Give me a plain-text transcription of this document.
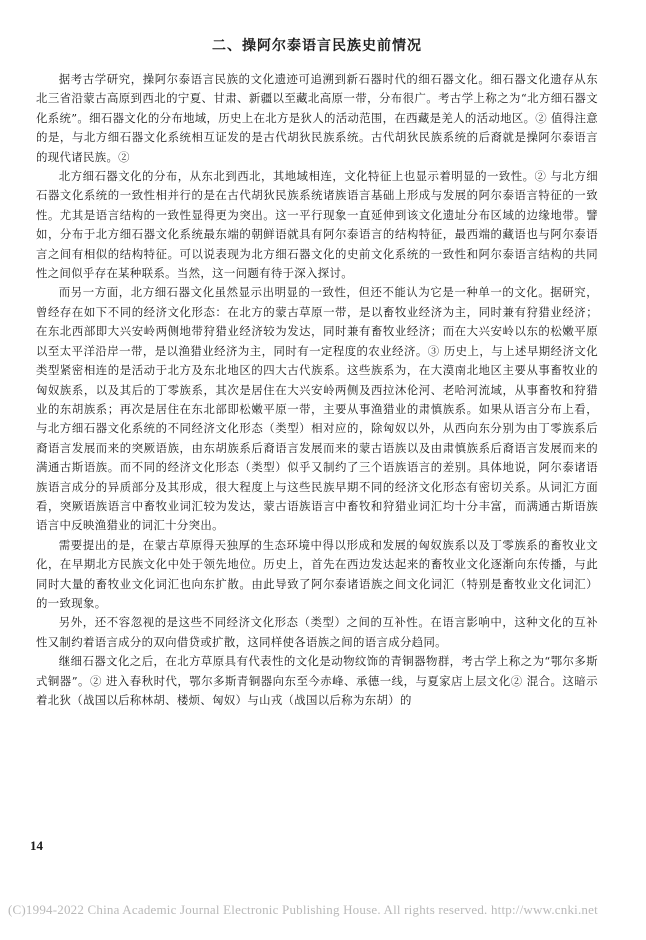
二、操阿尔泰语言民族史前情况

据考古学研究，操阿尔泰语言民族的文化遗迹可追溯到新石器时代的细石器文化。细石器文化遗存从东北三省沿蒙古高原到西北的宁夏、甘肃、新疆以至藏北高原一带，分布很广。考古学上称之为“北方细石器文化系统”。细石器文化的分布地域，历史上在北方是狄人的活动范围，在西藏是羌人的活动地区。② 值得注意的是，与北方细石器文化系统相互证发的是古代胡狄民族系统。古代胡狄民族系统的后裔就是操阿尔泰语言的现代诸民族。②

北方细石器文化的分布，从东北到西北，其地域相连，文化特征上也显示着明显的一致性。② 与北方细石器文化系统的一致性相并行的是在古代胡狄民族系统诸族语言基础上形成与发展的阿尔泰语言特征的一致性。尤其是语言结构的一致性显得更为突出。这一平行现象一直延伸到该文化遗址分布区域的边缘地带。譬如，分布于北方细石器文化系统最东端的朝鲜语就具有阿尔泰语言的结构特征，最西端的藏语也与阿尔泰语言之间有相似的结构特征。可以说表现为北方细石器文化的史前文化系统的一致性和阿尔泰语言结构的共同性之间似乎存在某种联系。当然，这一问题有待于深入探讨。

而另一方面，北方细石器文化虽然显示出明显的一致性，但还不能认为它是一种单一的文化。据研究，曾经存在如下不同的经济文化形态：在北方的蒙古草原一带，是以畜牧业经济为主，同时兼有狩猎业经济；在东北西部即大兴安岭两侧地带狩猎业经济较为发达，同时兼有畜牧业经济；而在大兴安岭以东的松嫩平原以至太平洋沿岸一带，是以渔猎业经济为主，同时有一定程度的农业经济。③ 历史上，与上述早期经济文化类型紧密相连的是活动于北方及东北地区的四大古代族系。这些族系为，在大漠南北地区主要从事畜牧业的匈奴族系，以及其后的丁零族系，其次是居住在大兴安岭两侧及西拉沐伦河、老哈河流域，从事畜牧和狩猎业的东胡族系；再次是居住在东北部即松嫩平原一带，主要从事渔猎业的肃慎族系。如果从语言分布上看，与北方细石器文化系统的不同经济文化形态（类型）相对应的，除匈奴以外，从西向东分别为由丁零族系后裔语言发展而来的突厥语族，由东胡族系后裔语言发展而来的蒙古语族以及由肃慎族系后裔语言发展而来的满通古斯语族。而不同的经济文化形态（类型）似乎又制约了三个语族语言的差别。具体地说，阿尔泰诸语族语言成分的异质部分及其形成，很大程度上与这些民族早期不同的经济文化形态有密切关系。从词汇方面看，突厥语族语言中畜牧业词汇较为发达，蒙古语族语言中畜牧和狩猎业词汇均十分丰富，而满通古斯语族语言中反映渔猎业的词汇十分突出。

需要提出的是，在蒙古草原得天独厚的生态环境中得以形成和发展的匈奴族系以及丁零族系的畜牧业文化，在早期北方民族文化中处于领先地位。历史上，首先在西边发达起来的畜牧业文化逐渐向东传播，与此同时大量的畜牧业文化词汇也向东扩散。由此导致了阿尔泰诸语族之间文化词汇（特别是畜牧业文化词汇）的一致现象。

另外，还不容忽视的是这些不同经济文化形态（类型）之间的互补性。在语言影响中，这种文化的互补性又制约着语言成分的双向借贷或扩散，这同样使各语族之间的语言成分趋同。

继细石器文化之后，在北方草原具有代表性的文化是动物纹饰的青铜器物群，考古学上称之为“鄂尔多斯式铜器”。② 进入春秋时代，鄂尔多斯青铜器向东至今赤峰、承德一线，与夏家店上层文化② 混合。这暗示着北狄（战国以后称林胡、楼烦、匈奴）与山戎（战国以后称为东胡）的

14
(C)1994-2022 China Academic Journal Electronic Publishing House. All rights reserved. http://www.cnki.net
